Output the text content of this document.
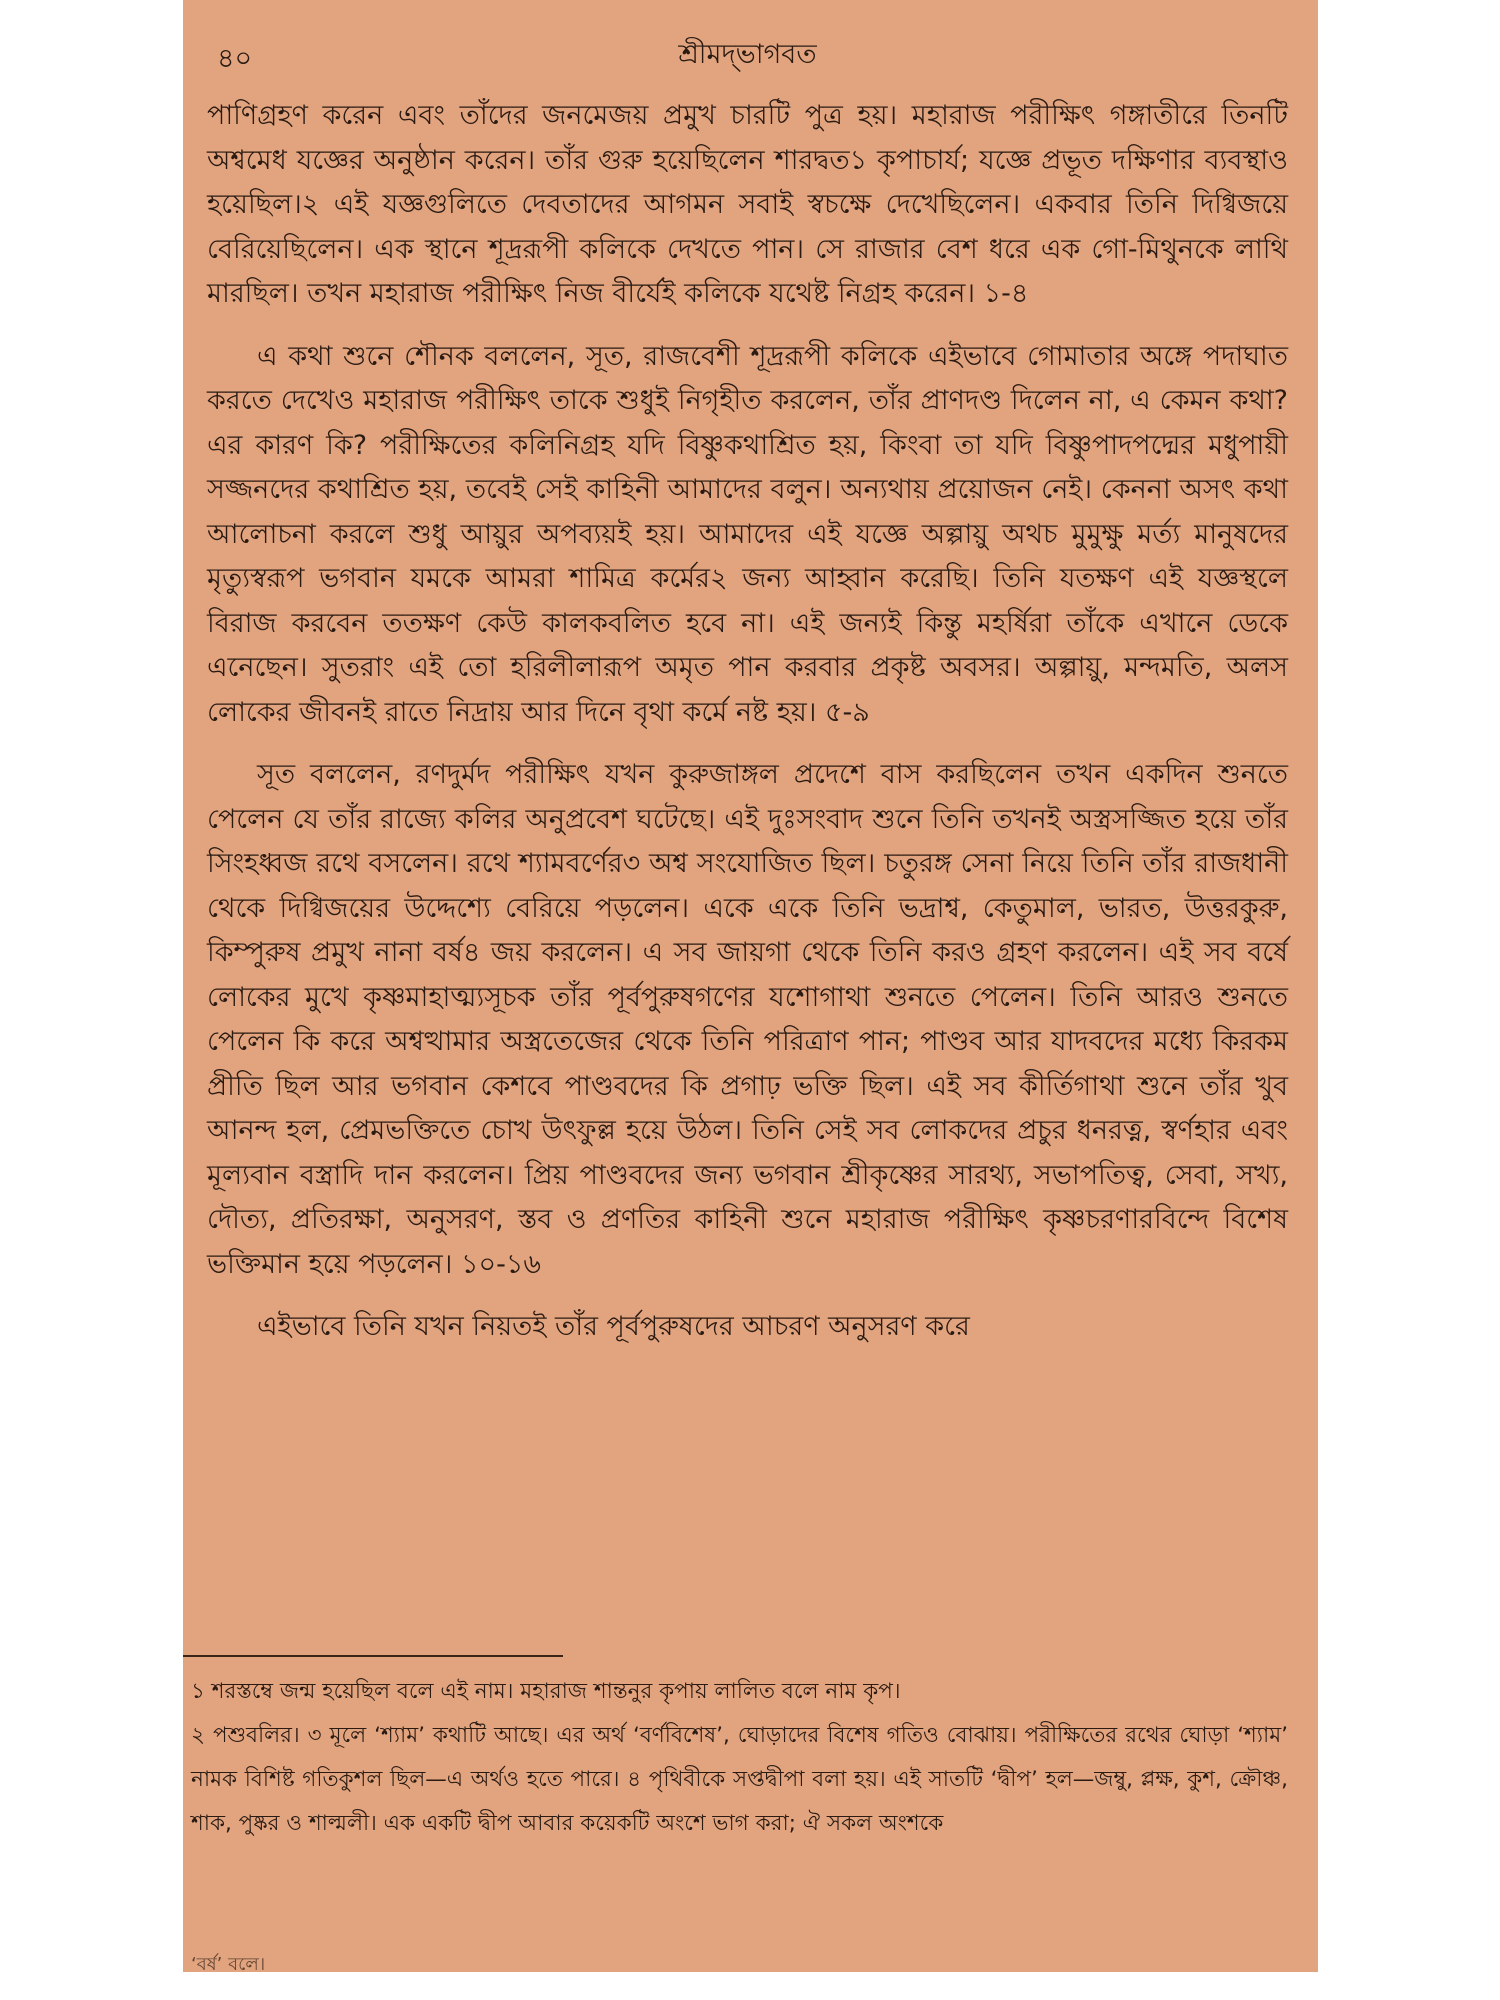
৪০	শ্রীমদ্‌ভাগবত

পাণিগ্রহণ করেন এবং তাঁদের জনমেজয় প্রমুখ চারটি পুত্র হয়। মহারাজ পরীক্ষিৎ গঙ্গাতীরে তিনটি অশ্বমেধ যজ্ঞের অনুষ্ঠান করেন। তাঁর গুরু হয়েছিলেন শারদ্বত১ কৃপাচার্য; যজ্ঞে প্রভূত দক্ষিণার ব্যবস্থাও হয়েছিল।২ এই যজ্ঞগুলিতে দেবতাদের আগমন সবাই স্বচক্ষে দেখেছিলেন। একবার তিনি দিগ্বিজয়ে বেরিয়েছিলেন। এক স্থানে শূদ্ররূপী কলিকে দেখতে পান। সে রাজার বেশ ধরে এক গো-মিথুনকে লাথি মারছিল। তখন মহারাজ পরীক্ষিৎ নিজ বীর্যেই কলিকে যথেষ্ট নিগ্রহ করেন। ১-৪

এ কথা শুনে শৌনক বললেন, সূত, রাজবেশী শূদ্ররূপী কলিকে এইভাবে গোমাতার অঙ্গে পদাঘাত করতে দেখেও মহারাজ পরীক্ষিৎ তাকে শুধুই নিগৃহীত করলেন, তাঁর প্রাণদণ্ড দিলেন না, এ কেমন কথা? এর কারণ কি? পরীক্ষিতের কলিনিগ্রহ যদি বিষ্ণুকথাশ্রিত হয়, কিংবা তা যদি বিষ্ণুপাদপদ্মের মধুপায়ী সজ্জনদের কথাশ্রিত হয়, তবেই সেই কাহিনী আমাদের বলুন। অন্যথায় প্রয়োজন নেই। কেননা অসৎ কথা আলোচনা করলে শুধু আয়ুর অপব্যয়ই হয়। আমাদের এই যজ্ঞে অল্পায়ু অথচ মুমুক্ষু মর্ত্য মানুষদের মৃত্যুস্বরূপ ভগবান যমকে আমরা শামিত্র কর্মের২ জন্য আহ্বান করেছি। তিনি যতক্ষণ এই যজ্ঞস্থলে বিরাজ করবেন ততক্ষণ কেউ কালকবলিত হবে না। এই জন্যই কিন্তু মহর্ষিরা তাঁকে এখানে ডেকে এনেছেন। সুতরাং এই তো হরিলীলারূপ অমৃত পান করবার প্রকৃষ্ট অবসর। অল্পায়ু, মন্দমতি, অলস লোকের জীবনই রাতে নিদ্রায় আর দিনে বৃথা কর্মে নষ্ট হয়। ৫-৯

সূত বললেন, রণদুর্মদ পরীক্ষিৎ যখন কুরুজাঙ্গল প্রদেশে বাস করছিলেন তখন একদিন শুনতে পেলেন যে তাঁর রাজ্যে কলির অনুপ্রবেশ ঘটেছে। এই দুঃসংবাদ শুনে তিনি তখনই অস্ত্রসজ্জিত হয়ে তাঁর সিংহধ্বজ রথে বসলেন। রথে শ্যামবর্ণের৩ অশ্ব সংযোজিত ছিল। চতুরঙ্গ সেনা নিয়ে তিনি তাঁর রাজধানী থেকে দিগ্বিজয়ের উদ্দেশ্যে বেরিয়ে পড়লেন। একে একে তিনি ভদ্রাশ্ব, কেতুমাল, ভারত, উত্তরকুরু, কিম্পুরুষ প্রমুখ নানা বর্ষ৪ জয় করলেন। এ সব জায়গা থেকে তিনি করও গ্রহণ করলেন। এই সব বর্ষে লোকের মুখে কৃষ্ণমাহাত্ম্যসূচক তাঁর পূর্বপুরুষগণের যশোগাথা শুনতে পেলেন। তিনি আরও শুনতে পেলেন কি করে অশ্বত্থামার অস্ত্রতেজের থেকে তিনি পরিত্রাণ পান; পাণ্ডব আর যাদবদের মধ্যে কিরকম প্রীতি ছিল আর ভগবান কেশবে পাণ্ডবদের কি প্রগাঢ় ভক্তি ছিল। এই সব কীর্তিগাথা শুনে তাঁর খুব আনন্দ হল, প্রেমভক্তিতে চোখ উৎফুল্ল হয়ে উঠল। তিনি সেই সব লোকদের প্রচুর ধনরত্ন, স্বর্ণহার এবং মূল্যবান বস্ত্রাদি দান করলেন। প্রিয় পাণ্ডবদের জন্য ভগবান শ্রীকৃষ্ণের সারথ্য, সভাপতিত্ব, সেবা, সখ্য, দৌত্য, প্রতিরক্ষা, অনুসরণ, স্তব ও প্রণতির কাহিনী শুনে মহারাজ পরীক্ষিৎ কৃষ্ণচরণারবিন্দে বিশেষ ভক্তিমান হয়ে পড়লেন। ১০-১৬

এইভাবে তিনি যখন নিয়তই তাঁর পূর্বপুরুষদের আচরণ অনুসরণ করে

১ শরস্তম্বে জন্ম হয়েছিল বলে এই নাম। মহারাজ শান্তনুর কৃপায় লালিত বলে নাম কৃপ।

২ পশুবলির। ৩ মূলে ‘শ্যাম’ কথাটি আছে। এর অর্থ ‘বর্ণবিশেষ’, ঘোড়াদের বিশেষ গতিও বোঝায়। পরীক্ষিতের রথের ঘোড়া ‘শ্যাম’ নামক বিশিষ্ট গতিকুশল ছিল—এ অর্থও হতে পারে। ৪ পৃথিবীকে সপ্তদ্বীপা বলা হয়। এই সাতটি ‘দ্বীপ’ হল—জম্বু, প্লক্ষ, কুশ, ক্রৌঞ্চ, শাক, পুষ্কর ও শাল্মলী। এক একটি দ্বীপ আবার কয়েকটি অংশে ভাগ করা; ঐ সকল অংশকে

‘বর্ষ’ বলে।
